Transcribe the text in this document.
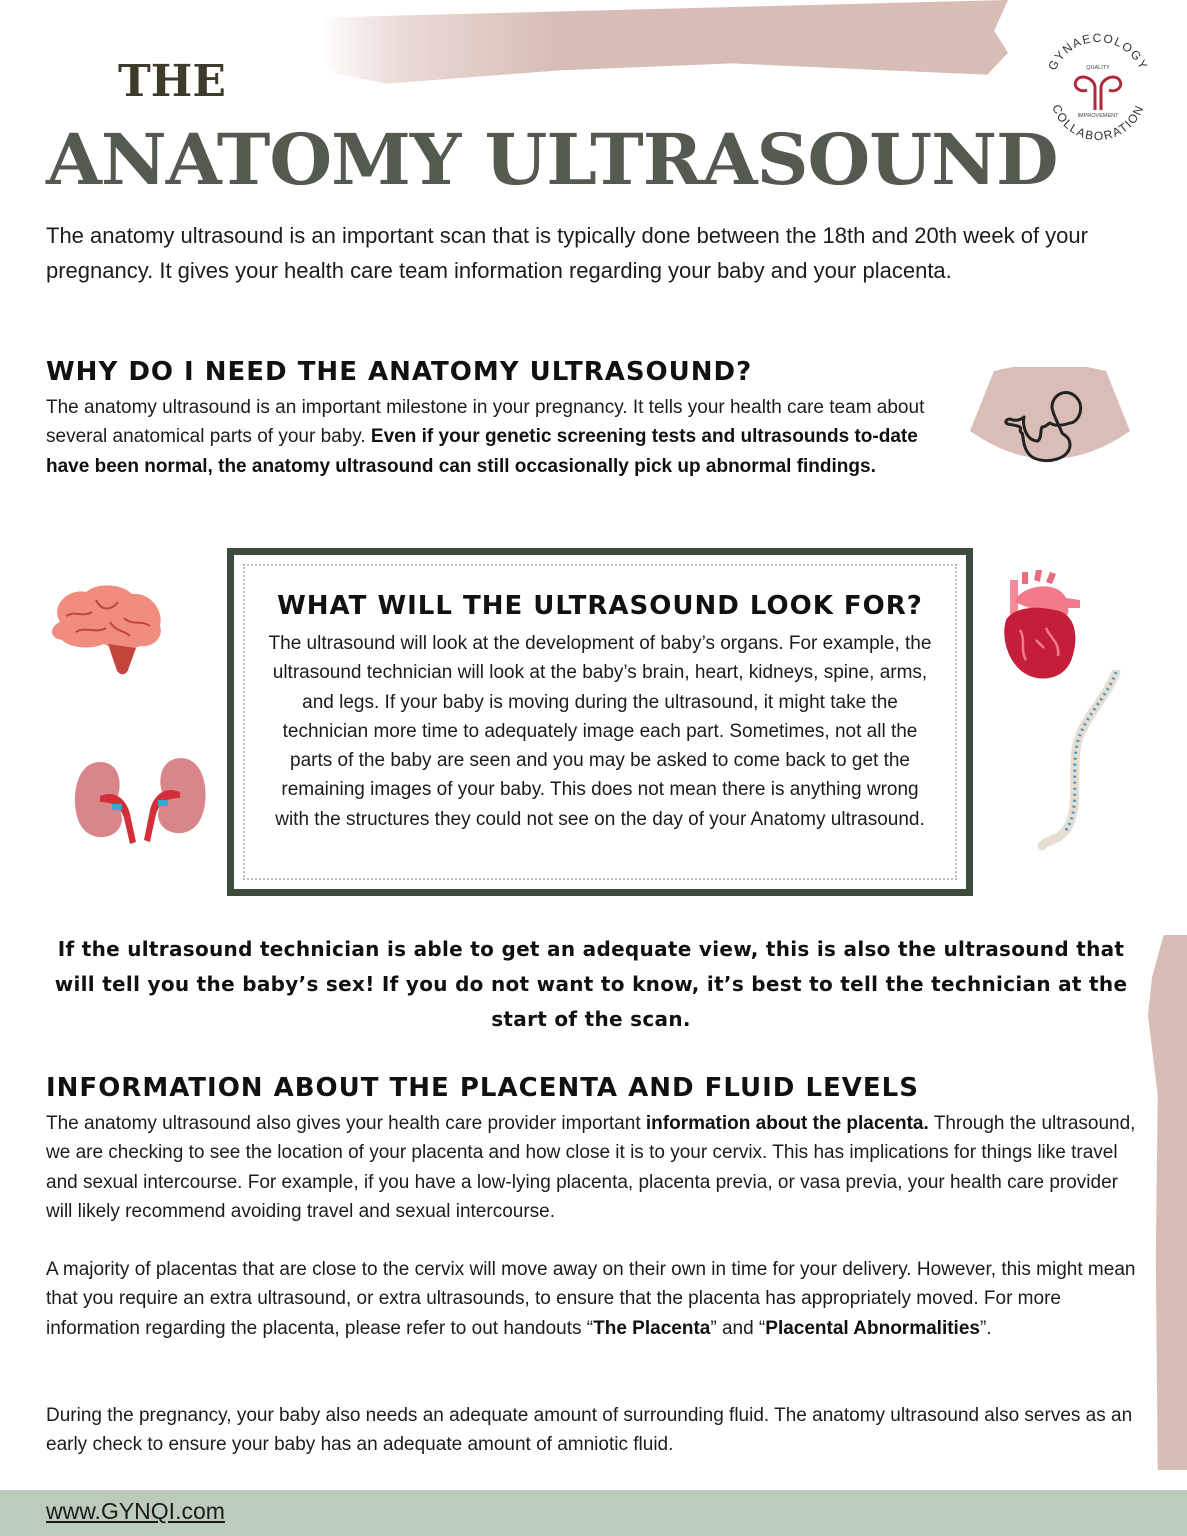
THE
ANATOMY ULTRASOUND
GYNAECOLOGY
COLLABORATION
QUALITY
IMPROVEMENT

The anatomy ultrasound is an important scan that is typically done between the 18th and 20th week of your pregnancy. It gives your health care team information regarding your baby and your placenta.

WHY DO I NEED THE ANATOMY ULTRASOUND?

The anatomy ultrasound is an important milestone in your pregnancy. It tells your health care team about several anatomical parts of your baby. Even if your genetic screening tests and ultrasounds to-date have been normal, the anatomy ultrasound can still occasionally pick up abnormal findings.

WHAT WILL THE ULTRASOUND LOOK FOR?

The ultrasound will look at the development of baby’s organs. For example, the ultrasound technician will look at the baby’s brain, heart, kidneys, spine, arms, and legs. If your baby is moving during the ultrasound, it might take the technician more time to adequately image each part. Sometimes, not all the parts of the baby are seen and you may be asked to come back to get the remaining images of your baby. This does not mean there is anything wrong with the structures they could not see on the day of your Anatomy ultrasound.

If the ultrasound technician is able to get an adequate view, this is also the ultrasound that will tell you the baby’s sex! If you do not want to know, it’s best to tell the technician at the start of the scan.

INFORMATION ABOUT THE PLACENTA AND FLUID LEVELS

The anatomy ultrasound also gives your health care provider important information about the placenta. Through the ultrasound, we are checking to see the location of your placenta and how close it is to your cervix. This has implications for things like travel and sexual intercourse. For example, if you have a low-lying placenta, placenta previa, or vasa previa, your health care provider will likely recommend avoiding travel and sexual intercourse.

A majority of placentas that are close to the cervix will move away on their own in time for your delivery. However, this might mean that you require an extra ultrasound, or extra ultrasounds, to ensure that the placenta has appropriately moved. For more information regarding the placenta, please refer to out handouts “The Placenta” and “Placental Abnormalities”.

During the pregnancy, your baby also needs an adequate amount of surrounding fluid. The anatomy ultrasound also serves as an early check to ensure your baby has an adequate amount of amniotic fluid.

www.GYNQI.com
